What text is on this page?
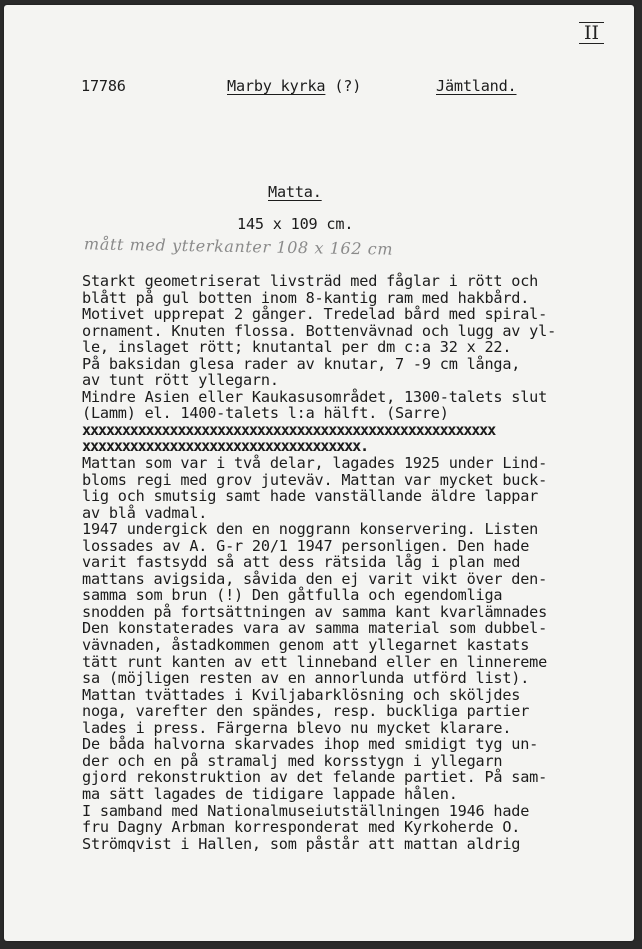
II
17786	Marby kyrka (?)	Jämtland.
Matta.
145 x 109 cm.
mått med ytterkanter 108 x 162 cm
Starkt geometriserat livsträd med fåglar i rött och
blått på gul botten inom 8-kantig ram med hakbård.
Motivet upprepat 2 gånger. Tredelad bård med spiral-
ornament. Knuten flossa. Bottenvävnad och lugg av yl-
le, inslaget rött; knutantal per dm c:a 32 x 22.
På baksidan glesa rader av knutar, 7 -9 cm långa,
av tunt rött yllegarn.
Mindre Asien eller Kaukasusområdet, 1300-talets slut
(Lamm) el. 1400-talets l:a hälft. (Sarre)
xxxxxxxxxxxxxxxxxxxxxxxxxxxxxxxxxxxxxxxxxxxxxxxxxxxx
xxxxxxxxxxxxxxxxxxxxxxxxxxxxxxxxxxx.
Mattan som var i två delar, lagades 1925 under Lind-
bloms regi med grov juteväv. Mattan var mycket buck-
lig och smutsig samt hade vanställande äldre lappar
av blå vadmal.
1947 undergick den en noggrann konservering. Listen
lossades av A. G-r 20/1 1947 personligen. Den hade
varit fastsydd så att dess rätsida låg i plan med
mattans avigsida, såvida den ej varit vikt över den-
samma som brun (!) Den gåtfulla och egendomliga
snodden på fortsättningen av samma kant kvarlämnades
Den konstaterades vara av samma material som dubbel-
vävnaden, åstadkommen genom att yllegarnet kastats
tätt runt kanten av ett linneband eller en linnereme
sa (möjligen resten av en annorlunda utförd list).
Mattan tvättades i Kviljabarklösning och sköljdes
noga, varefter den spändes, resp. buckliga partier
lades i press. Färgerna blevo nu mycket klarare.
De båda halvorna skarvades ihop med smidigt tyg un-
der och en på stramalj med korsstygn i yllegarn
gjord rekonstruktion av det felande partiet. På sam-
ma sätt lagades de tidigare lappade hålen.
I samband med Nationalmuseiutställningen 1946 hade
fru Dagny Arbman korresponderat med Kyrkoherde O.
Strömqvist i Hallen, som påstår att mattan aldrig
